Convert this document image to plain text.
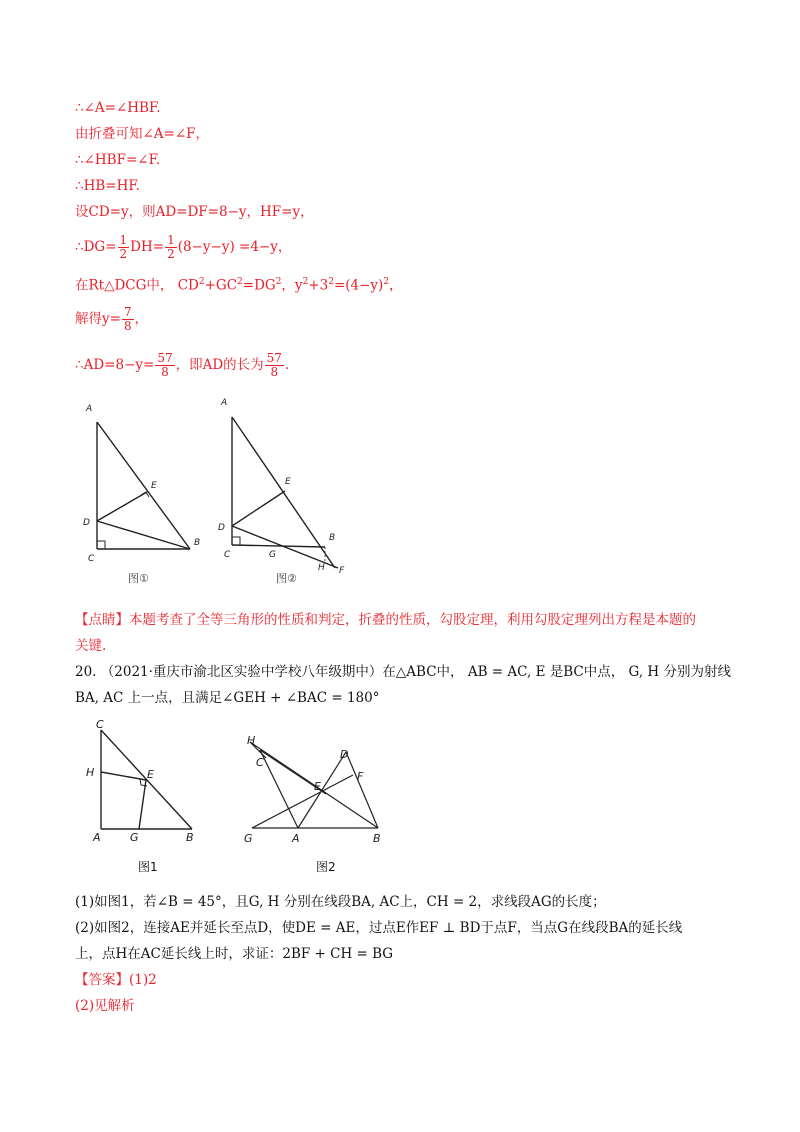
∴∠A=∠HBF.
由折叠可知∠A=∠F，
∴∠HBF=∠F.
∴HB=HF.
设CD=y，则AD=DF=8−y，HF=y，
∴DG= $\frac{1}{2} DH= \frac{1}{2} (8-y-y) =4-y$，
在Rt△DCG中， $CD^2+GC^2=DG^2$，$y^2+3^2=(4-y)^2$，
解得$y= \frac{7}{8}$ ，
∴AD=8−y= $\frac{57}{8}$ ，即AD的长为 $\frac{57}{8}$ .
A
D
C
B
E
图①
A
D
C	G
B
H F
E
图②
【点睛】本题考查了全等三角形的性质和判定，折叠的性质，勾股定理，利用勾股定理列出方程是本题的
关键.
20. （2021·重庆市渝北区实验中学校八年级期中）在△ABC中， AB = AC, E 是BC中点， G, H 分别为射线
BA, AC 上一点，且满足∠GEH + ∠BAC = 180°
C
H	E
A	G	B
图1
H
C
D
F
E
G	A	B
图2
(1)如图1，若∠B = 45°，且G, H 分别在线段BA, AC上，CH = 2，求线段AG的长度；
(2)如图2，连接AE并延长至点D，使DE = AE，过点E作EF ⊥ BD于点F，当点G在线段BA的延长线
上，点H在AC延长线上时，求证：2BF + CH = BG
【答案】(1)2
(2)见解析
